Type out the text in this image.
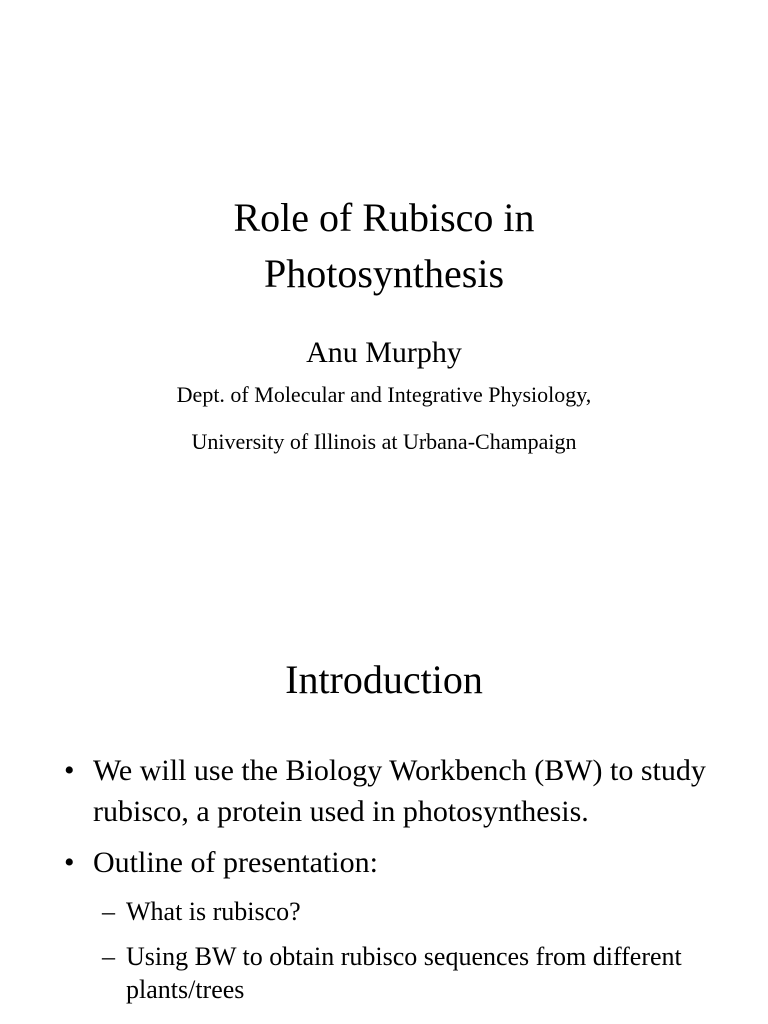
Role of Rubisco in
Photosynthesis

Anu Murphy

Dept. of Molecular and Integrative Physiology,

University of Illinois at Urbana-Champaign

Introduction
• We will use the Biology Workbench (BW) to study rubisco, a protein used in photosynthesis.
• Outline of presentation:
– What is rubisco?
– Using BW to obtain rubisco sequences from different plants/trees
